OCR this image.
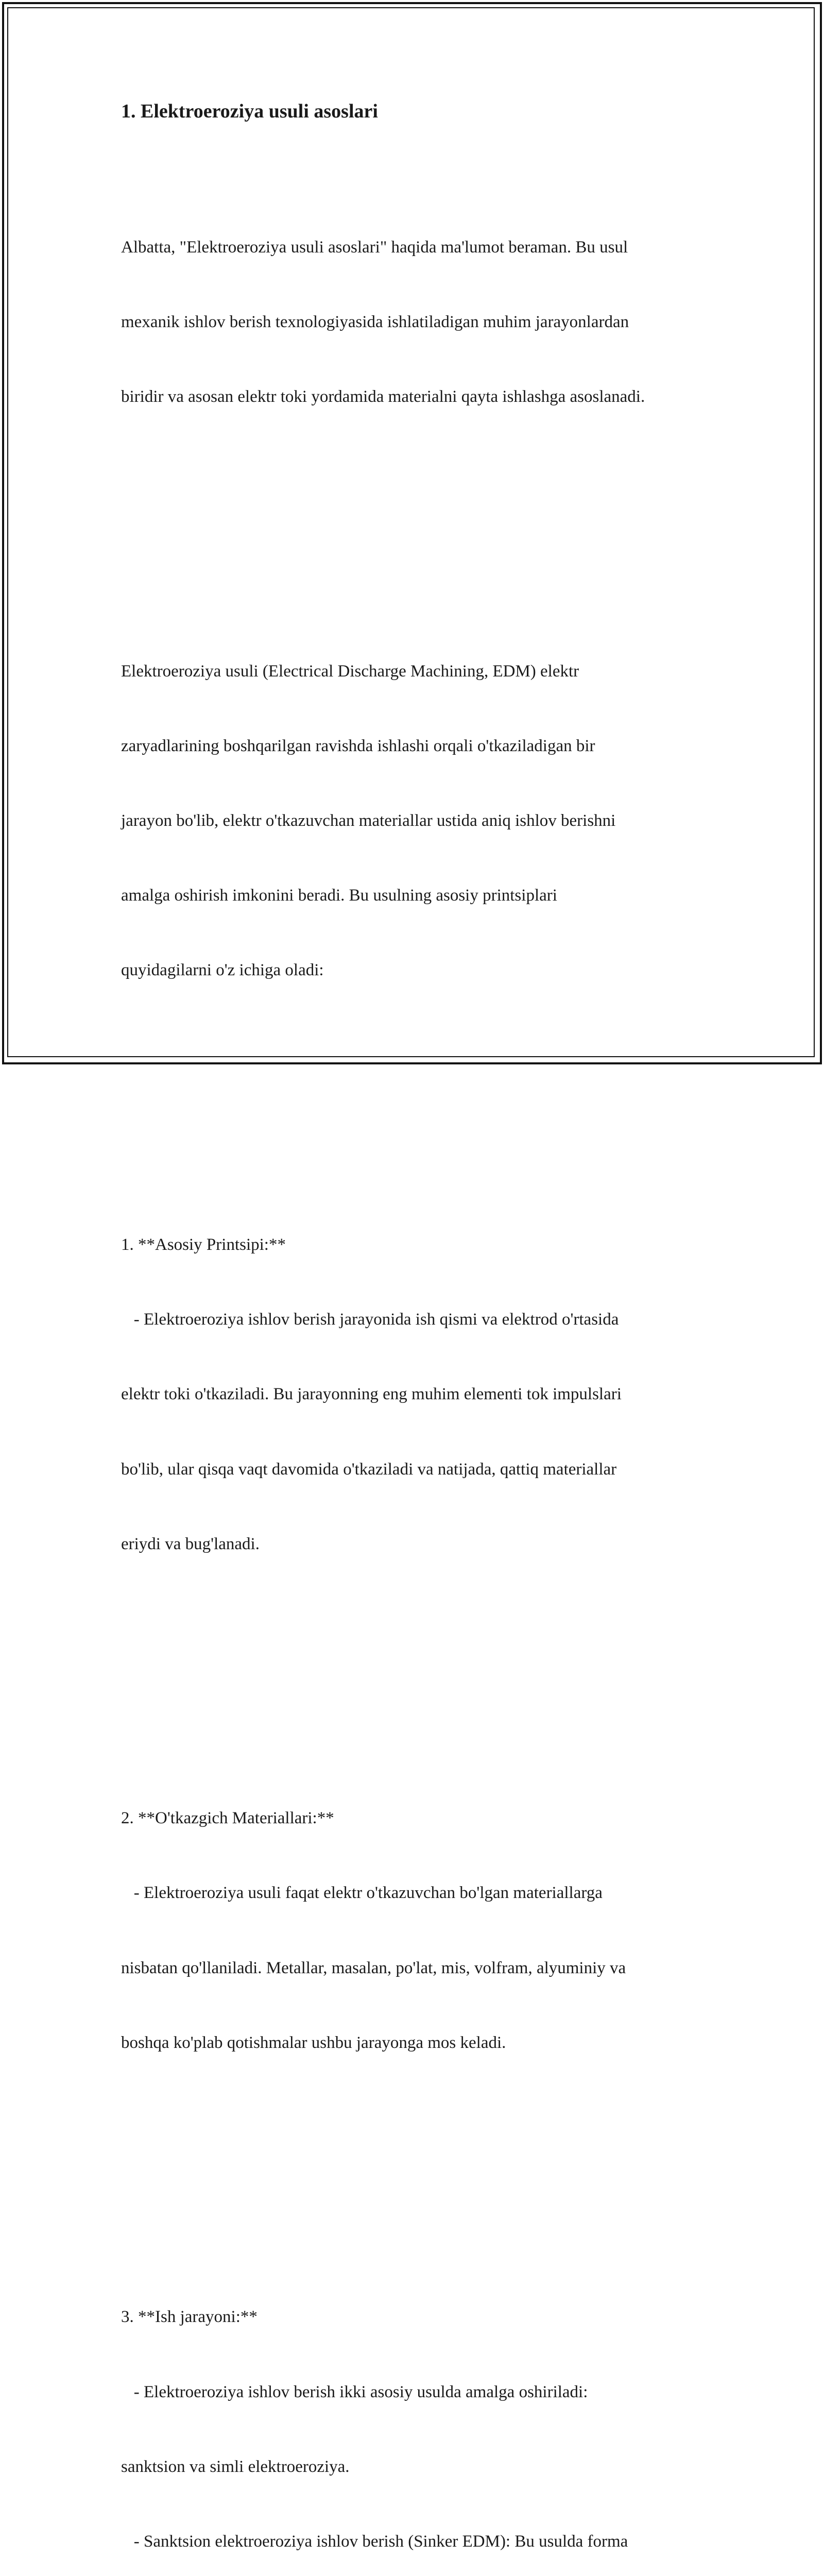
1. Elektroeroziya usuli asoslari

Albatta, "Elektroeroziya usuli asoslari" haqida ma'lumot beraman. Bu usul

mexanik ishlov berish texnologiyasida ishlatiladigan muhim jarayonlardan

biridir va asosan elektr toki yordamida materialni qayta ishlashga asoslanadi.

Elektroeroziya usuli (Electrical Discharge Machining, EDM) elektr

zaryadlarining boshqarilgan ravishda ishlashi orqali o'tkaziladigan bir

jarayon bo'lib, elektr o'tkazuvchan materiallar ustida aniq ishlov berishni

amalga oshirish imkonini beradi. Bu usulning asosiy printsiplari

quyidagilarni o'z ichiga oladi:

1. **Asosiy Printsipi:**

- Elektroeroziya ishlov berish jarayonida ish qismi va elektrod o'rtasida

elektr toki o'tkaziladi. Bu jarayonning eng muhim elementi tok impulslari

bo'lib, ular qisqa vaqt davomida o'tkaziladi va natijada, qattiq materiallar

eriydi va bug'lanadi.

2. **O'tkazgich Materiallari:**

- Elektroeroziya usuli faqat elektr o'tkazuvchan bo'lgan materiallarga

nisbatan qo'llaniladi. Metallar, masalan, po'lat, mis, volfram, alyuminiy va

boshqa ko'plab qotishmalar ushbu jarayonga mos keladi.

3. **Ish jarayoni:**

- Elektroeroziya ishlov berish ikki asosiy usulda amalga oshiriladi:

sanktsion va simli elektroeroziya.

- Sanktsion elektroeroziya ishlov berish (Sinker EDM): Bu usulda forma
